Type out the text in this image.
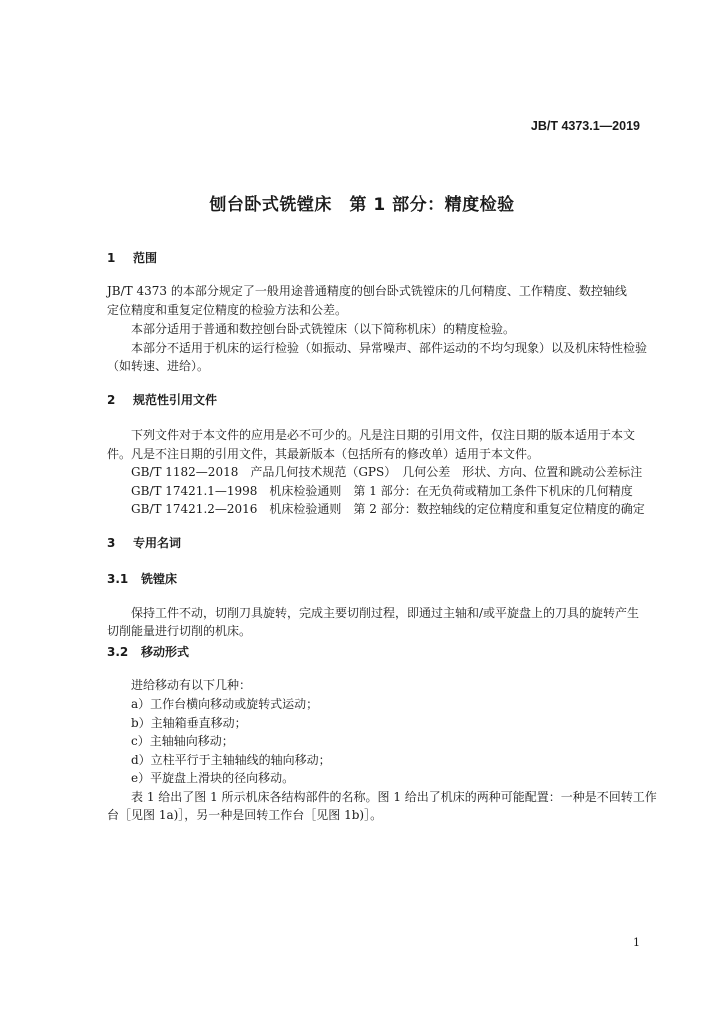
JB/T 4373.1—2019
刨台卧式铣镗床　第 1 部分：精度检验
1 范围
JB/T 4373 的本部分规定了一般用途普通精度的刨台卧式铣镗床的几何精度、工作精度、数控轴线
定位精度和重复定位精度的检验方法和公差。
本部分适用于普通和数控刨台卧式铣镗床（以下简称机床）的精度检验。
本部分不适用于机床的运行检验（如振动、异常噪声、部件运动的不均匀现象）以及机床特性检验
（如转速、进给）。
2 规范性引用文件
下列文件对于本文件的应用是必不可少的。凡是注日期的引用文件，仅注日期的版本适用于本文
件。凡是不注日期的引用文件，其最新版本（包括所有的修改单）适用于本文件。
GB/T 1182—2018　产品几何技术规范（GPS）　几何公差　形状、方向、位置和跳动公差标注
GB/T 17421.1—1998　机床检验通则　第 1 部分：在无负荷或精加工条件下机床的几何精度
GB/T 17421.2—2016　机床检验通则　第 2 部分：数控轴线的定位精度和重复定位精度的确定
3 专用名词
3.1 铣镗床
保持工件不动，切削刀具旋转，完成主要切削过程，即通过主轴和/或平旋盘上的刀具的旋转产生
切削能量进行切削的机床。
3.2 移动形式
进给移动有以下几种：
a）工作台横向移动或旋转式运动；
b）主轴箱垂直移动；
c）主轴轴向移动；
d）立柱平行于主轴轴线的轴向移动；
e）平旋盘上滑块的径向移动。
表 1 给出了图 1 所示机床各结构部件的名称。图 1 给出了机床的两种可能配置：一种是不回转工作
台［见图 1a)］，另一种是回转工作台［见图 1b)］。
1
